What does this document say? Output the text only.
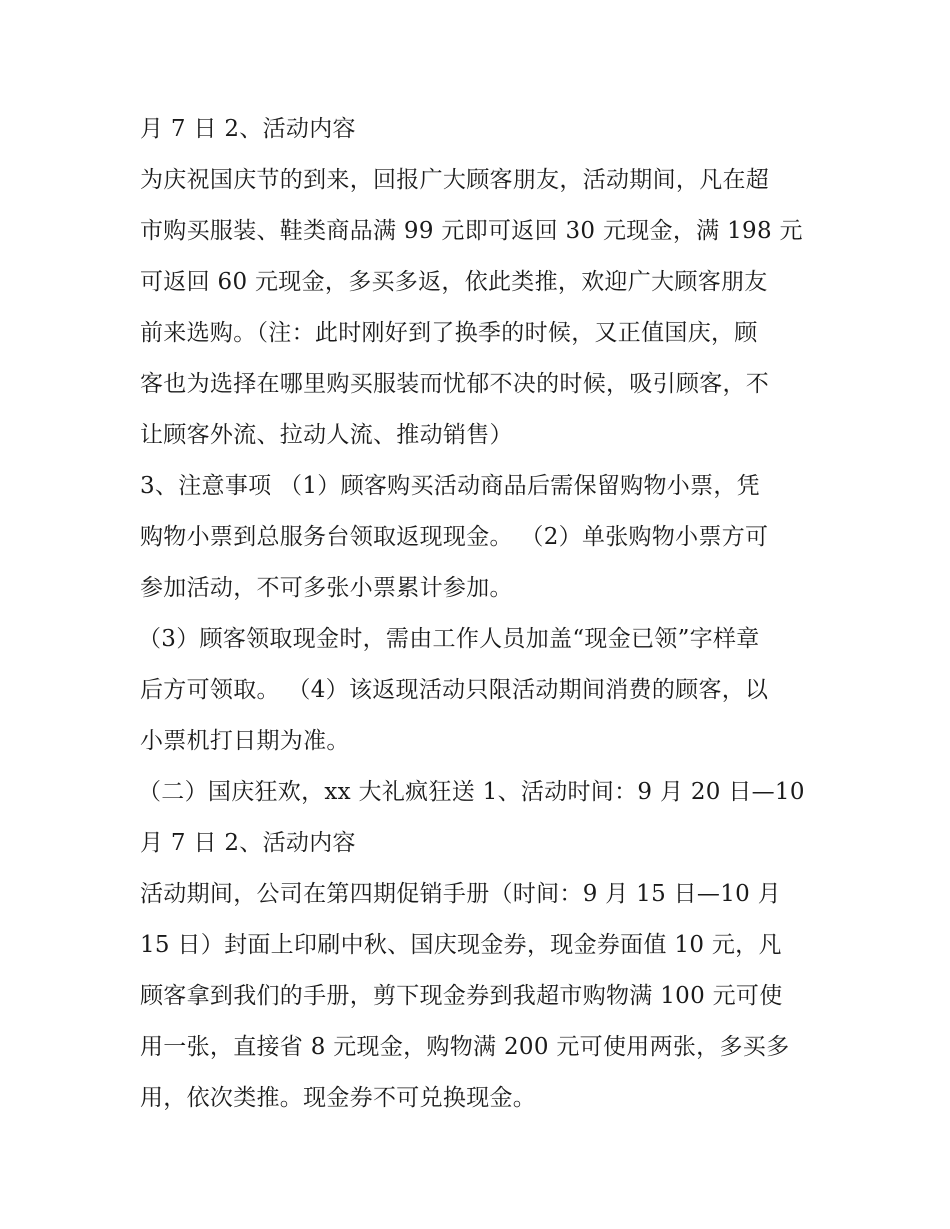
月 7 日 2、活动内容
为庆祝国庆节的到来，回报广大顾客朋友，活动期间，凡在超
市购买服装、鞋类商品满 99 元即可返回 30 元现金，满 198 元
可返回 60 元现金，多买多返，依此类推，欢迎广大顾客朋友
前来选购。（注：此时刚好到了换季的时候，又正值国庆，顾
客也为选择在哪里购买服装而忧郁不决的时候，吸引顾客，不
让顾客外流、拉动人流、推动销售）
3、注意事项 （1）顾客购买活动商品后需保留购物小票，凭
购物小票到总服务台领取返现现金。 （2）单张购物小票方可
参加活动，不可多张小票累计参加。
（3）顾客领取现金时，需由工作人员加盖“现金已领”字样章
后方可领取。 （4）该返现活动只限活动期间消费的顾客，以
小票机打日期为准。
（二）国庆狂欢，xx 大礼疯狂送 1、活动时间：9 月 20 日—10
月 7 日 2、活动内容
活动期间，公司在第四期促销手册（时间：9 月 15 日—10 月
15 日）封面上印刷中秋、国庆现金券，现金券面值 10 元，凡
顾客拿到我们的手册，剪下现金券到我超市购物满 100 元可使
用一张，直接省 8 元现金，购物满 200 元可使用两张，多买多
用，依次类推。现金券不可兑换现金。
